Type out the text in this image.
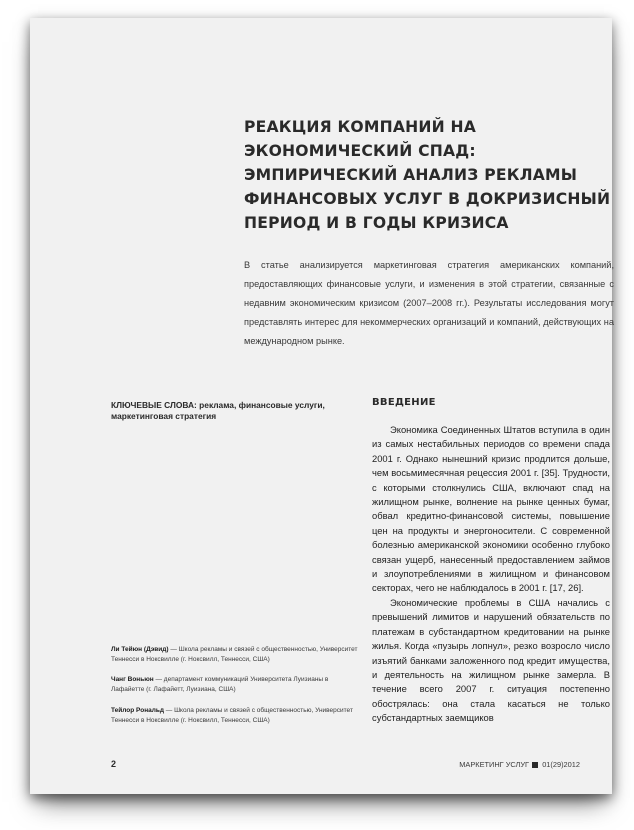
РЕАКЦИЯ КОМПАНИЙ НА ЭКОНОМИЧЕСКИЙ СПАД: ЭМПИРИЧЕСКИЙ АНАЛИЗ РЕКЛАМЫ ФИНАНСОВЫХ УСЛУГ В ДОКРИЗИСНЫЙ ПЕРИОД И В ГОДЫ КРИЗИСА

В статье анализируется маркетинговая стратегия американских компаний, предоставляющих финансовые услуги, и изменения в этой стратегии, связанные с недавним экономическим кризисом (2007–2008 гг.). Результаты исследования могут представлять интерес для некоммерческих организаций и компаний, действующих на международном рынке.

КЛЮЧЕВЫЕ СЛОВА: реклама, финансовые услуги, маркетинговая стратегия

ВВЕДЕНИЕ

Экономика Соединенных Штатов вступила в один из самых нестабильных периодов со времени спада 2001 г. Однако нынешний кризис продлится дольше, чем восьмимесячная рецессия 2001 г. [35]. Трудности, с которыми столкнулись США, включают спад на жилищном рынке, волнение на рынке ценных бумаг, обвал кредитно-финансовой системы, повышение цен на продукты и энергоносители. С современной болезнью американской экономики особенно глубоко связан ущерб, нанесенный предоставлением займов и злоупотреблениями в жилищном и финансовом секторах, чего не наблюдалось в 2001 г. [17, 26].

Экономические проблемы в США начались с превышений лимитов и нарушений обязательств по платежам в субстандартном кредитовании на рынке жилья. Когда «пузырь лопнул», резко возросло число изъятий банками заложенного под кредит имущества, и деятельность на жилищном рынке замерла. В течение всего 2007 г. ситуация постепенно обострялась: она стала касаться не только субстандартных заемщиков

Ли Тейюн (Дэвид) — Школа рекламы и связей с общественностью, Университет Теннесси в Ноксвилле (г. Ноксвилл, Теннесси, США)

Чанг Воньюн — департамент коммуникаций Университета Луизианы в Лафайетте (г. Лафайетт, Луизиана, США)

Тейлор Рональд — Школа рекламы и связей с общественностью, Университет Теннесси в Ноксвилле (г. Ноксвилл, Теннесси, США)

2	МАРКЕТИНГ УСЛУГ 01(29)2012
